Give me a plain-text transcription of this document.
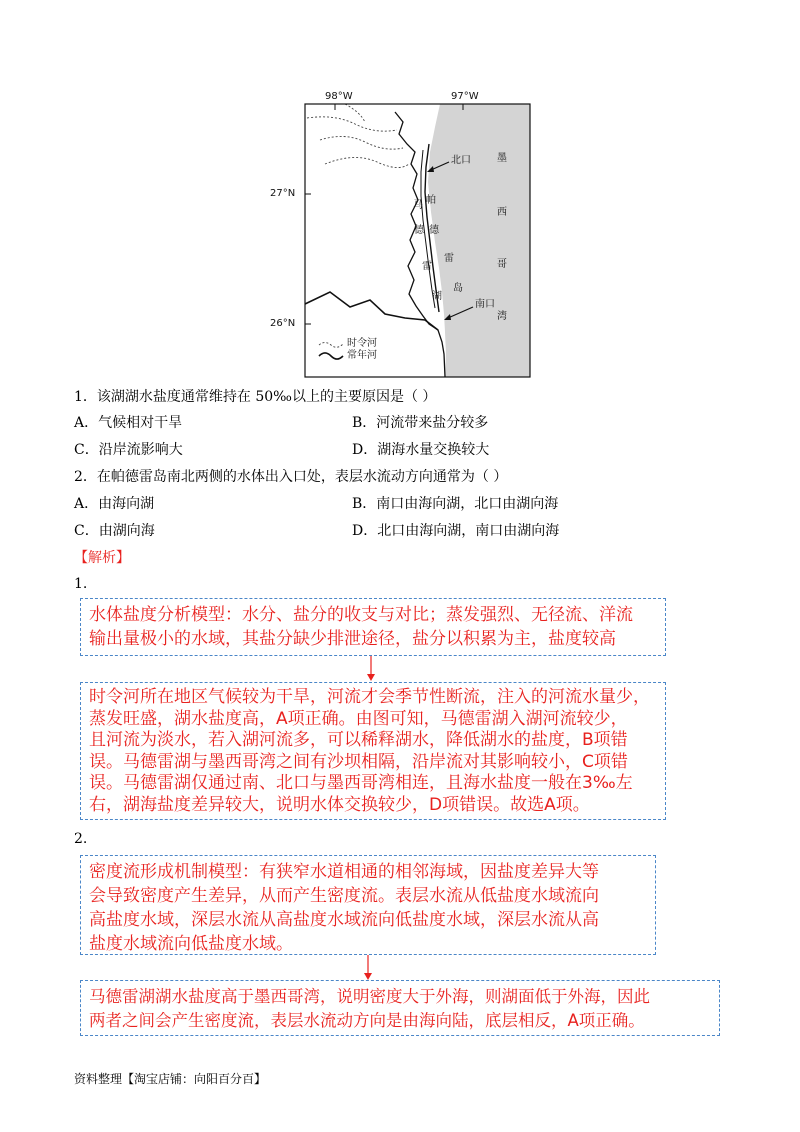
98°W	97°W
27°N
26°N
北口
南口
墨
西
哥
湾
马
德
雷
湖
帕
德
雷
岛
时令河
常年河
1．该湖湖水盐度通常维持在 50‰以上的主要原因是（ ）
A．气候相对干旱	B．河流带来盐分较多
C．沿岸流影响大	D．湖海水量交换较大
2．在帕德雷岛南北两侧的水体出入口处，表层水流动方向通常为（ ）
A．由海向湖	B．南口由海向湖，北口由湖向海
C．由湖向海	D．北口由海向湖，南口由湖向海
【解析】
1.
水体盐度分析模型：水分、盐分的收支与对比；蒸发强烈、无径流、洋流
输出量极小的水域，其盐分缺少排泄途径，盐分以积累为主，盐度较高
时令河所在地区气候较为干旱，河流才会季节性断流，注入的河流水量少，
蒸发旺盛，湖水盐度高，A项正确。由图可知，马德雷湖入湖河流较少，
且河流为淡水，若入湖河流多，可以稀释湖水，降低湖水的盐度，B项错
误。马德雷湖与墨西哥湾之间有沙坝相隔，沿岸流对其影响较小，C项错
误。马德雷湖仅通过南、北口与墨西哥湾相连，且海水盐度一般在3‰左
右，湖海盐度差异较大，说明水体交换较少，D项错误。故选A项。
2.
密度流形成机制模型：有狭窄水道相通的相邻海域，因盐度差异大等
会导致密度产生差异，从而产生密度流。表层水流从低盐度水域流向
高盐度水域，深层水流从高盐度水域流向低盐度水域，深层水流从高
盐度水域流向低盐度水域。
马德雷湖湖水盐度高于墨西哥湾，说明密度大于外海，则湖面低于外海，因此
两者之间会产生密度流，表层水流动方向是由海向陆，底层相反，A项正确。
资料整理【淘宝店铺：向阳百分百】
